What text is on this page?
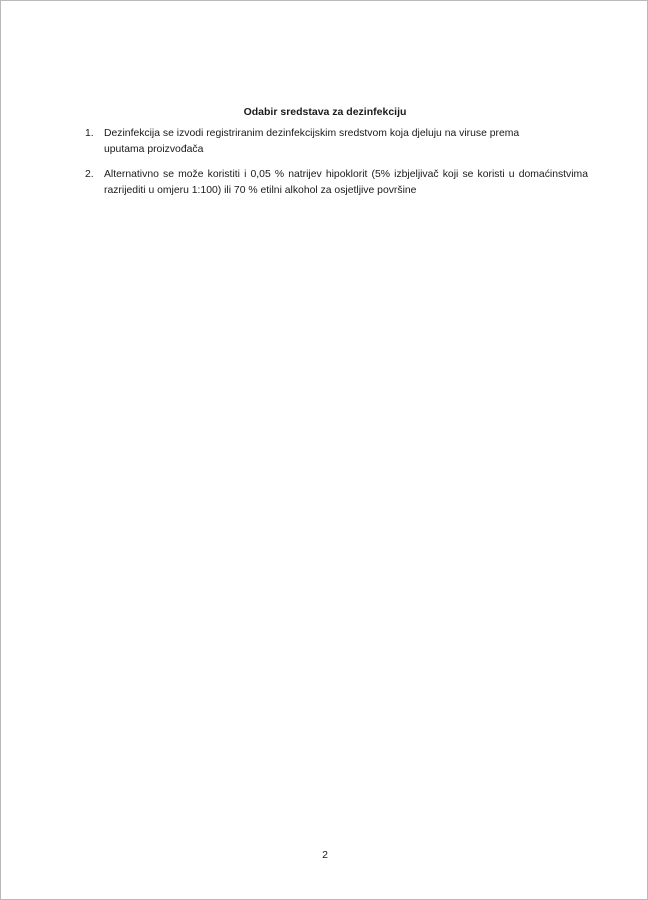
Odabir sredstava za dezinfekciju
1. Dezinfekcija se izvodi registriranim dezinfekcijskim sredstvom koja djeluju na viruse prema uputama proizvođača
2. Alternativno se može koristiti i 0,05 % natrijev hipoklorit (5% izbjeljivač koji se koristi u domaćinstvima razrijediti u omjeru 1:100) ili 70 % etilni alkohol za osjetljive površine
2
